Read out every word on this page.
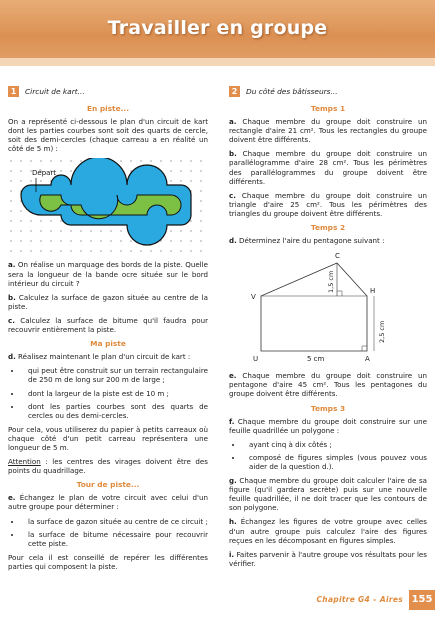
Travailler en groupe
1	Circuit de kart...
En piste...

On a représenté ci-dessous le plan d'un circuit de kart dont les parties courbes sont soit des quarts de cercle, soit des demi-cercles (chaque carreau a en réalité un côté de 5 m) :

Départ

a. On réalise un marquage des bords de la piste. Quelle sera la longueur de la bande ocre située sur le bord intérieur du circuit ?

b. Calculez la surface de gazon située au centre de la piste.

c. Calculez la surface de bitume qu'il faudra pour recouvrir entièrement la piste.

Ma piste

d. Réalisez maintenant le plan d'un circuit de kart :

• qui peut être construit sur un terrain rectangulaire de 250 m de long sur 200 m de large ;
• dont la largeur de la piste est de 10 m ;
• dont les parties courbes sont des quarts de cercles ou des demi-cercles.

Pour cela, vous utiliserez du papier à petits carreaux où chaque côté d'un petit carreau représentera une longueur de 5 m.

Attention : les centres des virages doivent être des points du quadrillage.

Tour de piste...

e. Échangez le plan de votre circuit avec celui d'un autre groupe pour déterminer :

• la surface de gazon située au centre de ce circuit ;
• la surface de bitume nécessaire pour recouvrir cette piste.

Pour cela il est conseillé de repérer les différentes parties qui composent la piste.

2	Du côté des bâtisseurs...
Temps 1

a. Chaque membre du groupe doit construire un rectangle d'aire 21 cm². Tous les rectangles du groupe doivent être différents.

b. Chaque membre du groupe doit construire un parallélogramme d'aire 28 cm². Tous les périmètres des parallélogrammes du groupe doivent être différents.

c. Chaque membre du groupe doit construire un triangle d'aire 25 cm². Tous les périmètres des triangles du groupe doivent être différents.

Temps 2

d. Déterminez l'aire du pentagone suivant :

C
V
H
U	A
5 cm
1,5 cm
2,5 cm

e. Chaque membre du groupe doit construire un pentagone d'aire 45 cm². Tous les pentagones du groupe doivent être différents.

Temps 3

f. Chaque membre du groupe doit construire sur une feuille quadrillée un polygone :

• ayant cinq à dix côtés ;
• composé de figures simples (vous pouvez vous aider de la question d.).

g. Chaque membre du groupe doit calculer l'aire de sa figure (qu'il gardera secrète) puis sur une nouvelle feuille quadrillée, il ne doit tracer que les contours de son polygone.

h. Échangez les figures de votre groupe avec celles d'un autre groupe puis calculez l'aire des figures reçues en les décomposant en figures simples.

i. Faites parvenir à l'autre groupe vos résultats pour les vérifier.

Chapitre G4 – Aires 155
